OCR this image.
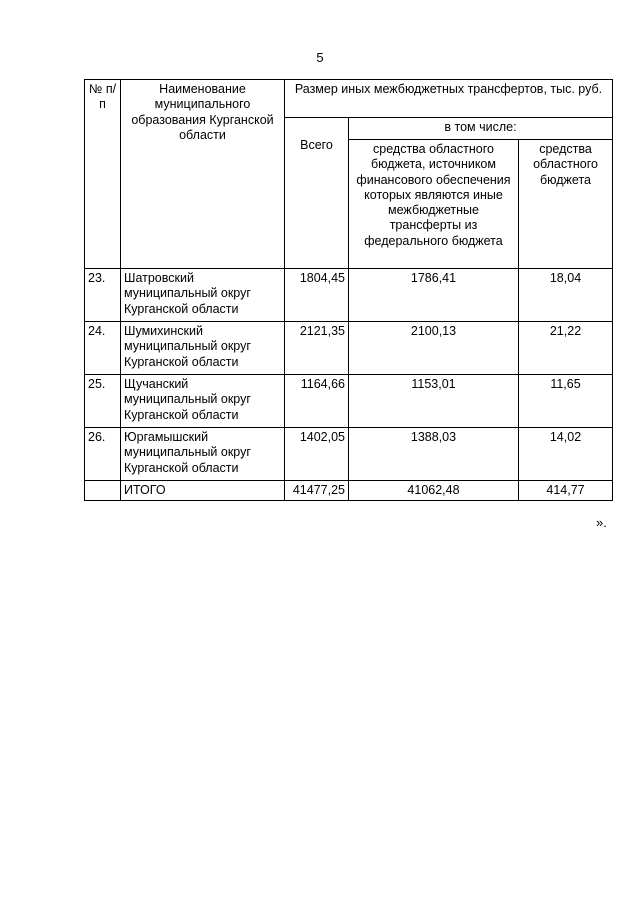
5
№ п/п	Наименование муниципального образования Курганской области	Размер иных межбюджетных трансфертов, тыс. руб.		
		Всего	в том числе:	
			средства областного бюджета, источником финансового обеспечения которых являются иные межбюджетные трансферты из федерального бюджета	средства областного бюджета
23.	Шатровский муниципальный округ Курганской области	1804,45	1786,41	18,04
24.	Шумихинский муниципальный округ Курганской области	2121,35	2100,13	21,22
25.	Щучанский муниципальный округ Курганской области	1164,66	1153,01	11,65
26.	Юргамышский муниципальный округ Курганской области	1402,05	1388,03	14,02
	ИТОГО	41477,25	41062,48	414,77
».
